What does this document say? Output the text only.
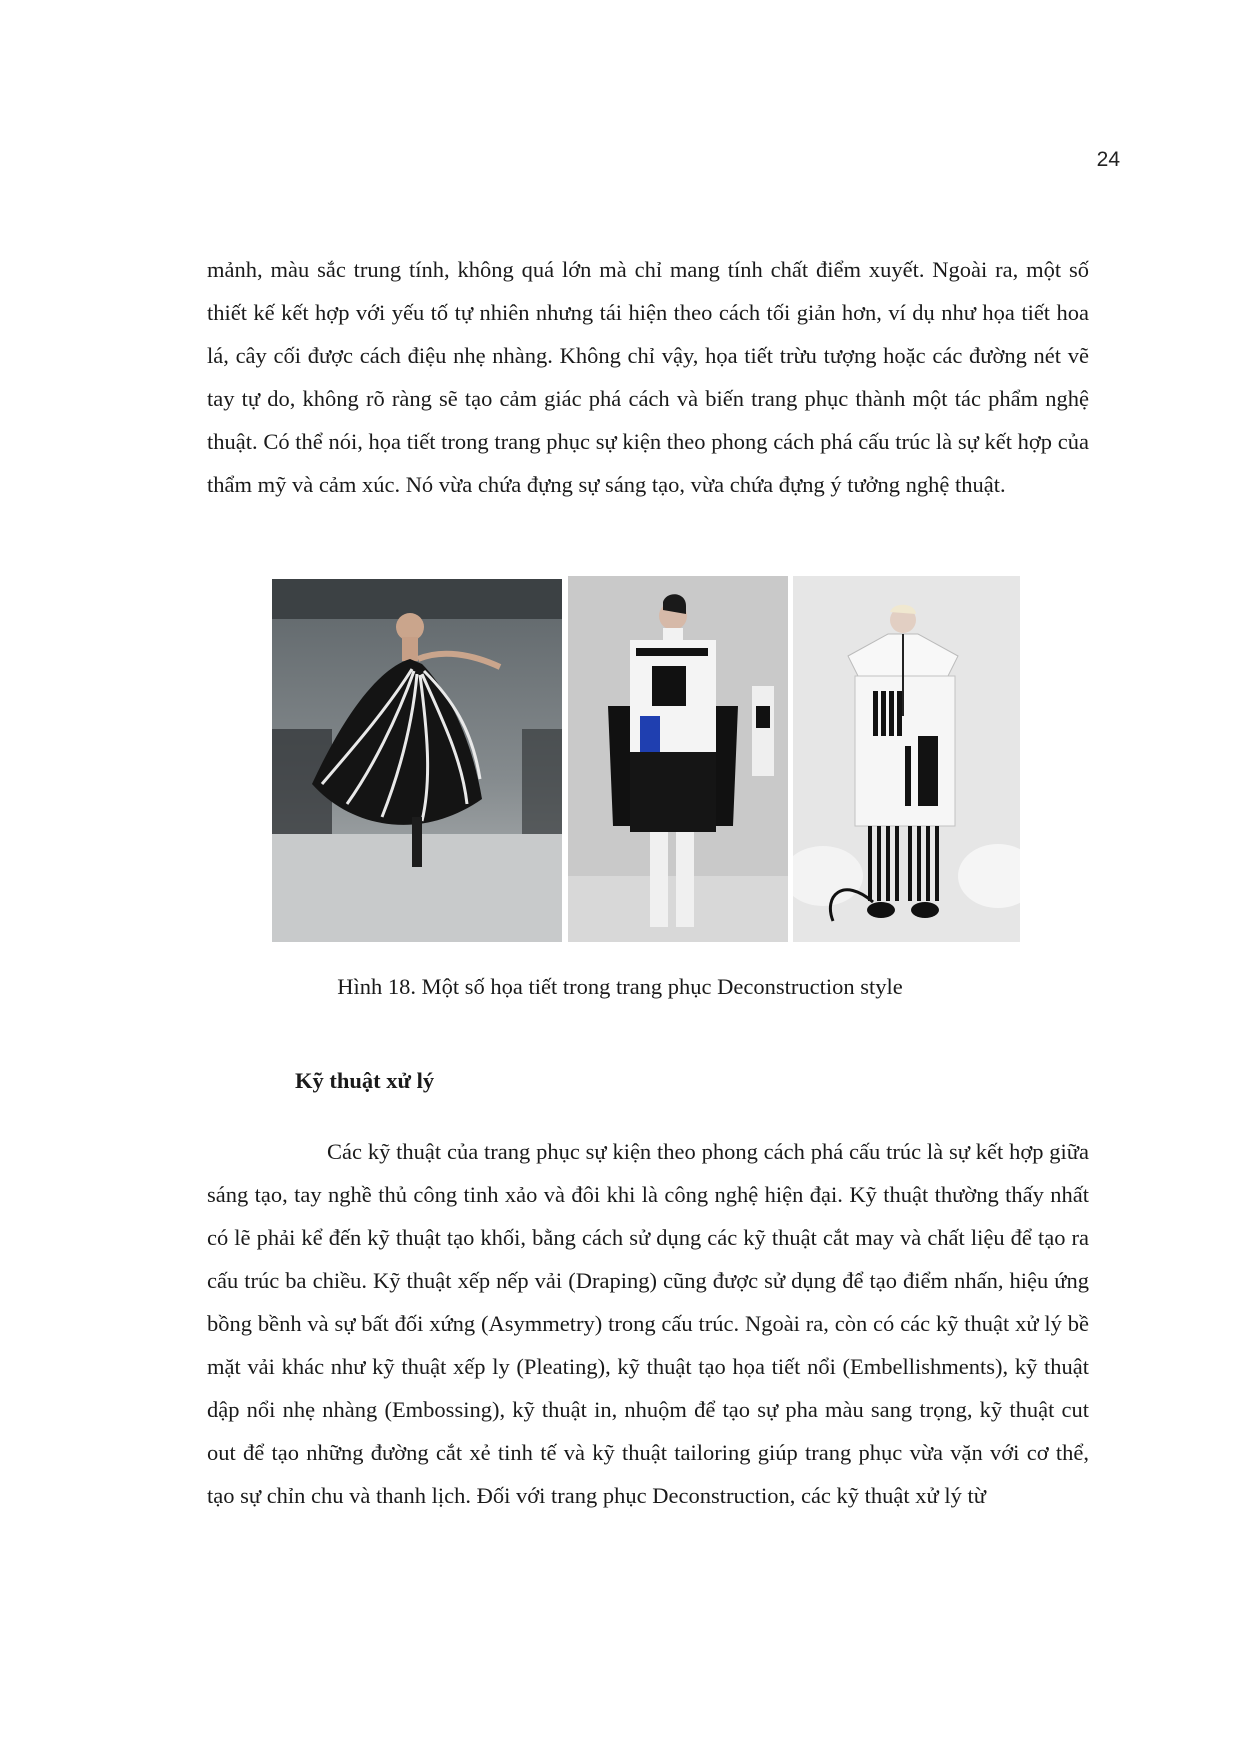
24

mảnh, màu sắc trung tính, không quá lớn mà chỉ mang tính chất điểm xuyết. Ngoài ra, một số thiết kế kết hợp với yếu tố tự nhiên nhưng tái hiện theo cách tối giản hơn, ví dụ như họa tiết hoa lá, cây cối được cách điệu nhẹ nhàng. Không chỉ vậy, họa tiết trừu tượng hoặc các đường nét vẽ tay tự do, không rõ ràng sẽ tạo cảm giác phá cách và biến trang phục thành một tác phẩm nghệ thuật. Có thể nói, họa tiết trong trang phục sự kiện theo phong cách phá cấu trúc là sự kết hợp của thẩm mỹ và cảm xúc. Nó vừa chứa đựng sự sáng tạo, vừa chứa đựng ý tưởng nghệ thuật.

Hình 18. Một số họa tiết trong trang phục Deconstruction style
Kỹ thuật xử lý

Các kỹ thuật của trang phục sự kiện theo phong cách phá cấu trúc là sự kết hợp giữa sáng tạo, tay nghề thủ công tinh xảo và đôi khi là công nghệ hiện đại. Kỹ thuật thường thấy nhất có lẽ phải kể đến kỹ thuật tạo khối, bằng cách sử dụng các kỹ thuật cắt may và chất liệu để tạo ra cấu trúc ba chiều. Kỹ thuật xếp nếp vải (Draping) cũng được sử dụng để tạo điểm nhấn, hiệu ứng bồng bềnh và sự bất đối xứng (Asymmetry) trong cấu trúc. Ngoài ra, còn có các kỹ thuật xử lý bề mặt vải khác như kỹ thuật xếp ly (Pleating), kỹ thuật tạo họa tiết nổi (Embellishments), kỹ thuật dập nổi nhẹ nhàng (Embossing), kỹ thuật in, nhuộm để tạo sự pha màu sang trọng, kỹ thuật cut out để tạo những đường cắt xẻ tinh tế và kỹ thuật tailoring giúp trang phục vừa vặn với cơ thể, tạo sự chỉn chu và thanh lịch. Đối với trang phục Deconstruction, các kỹ thuật xử lý từ
